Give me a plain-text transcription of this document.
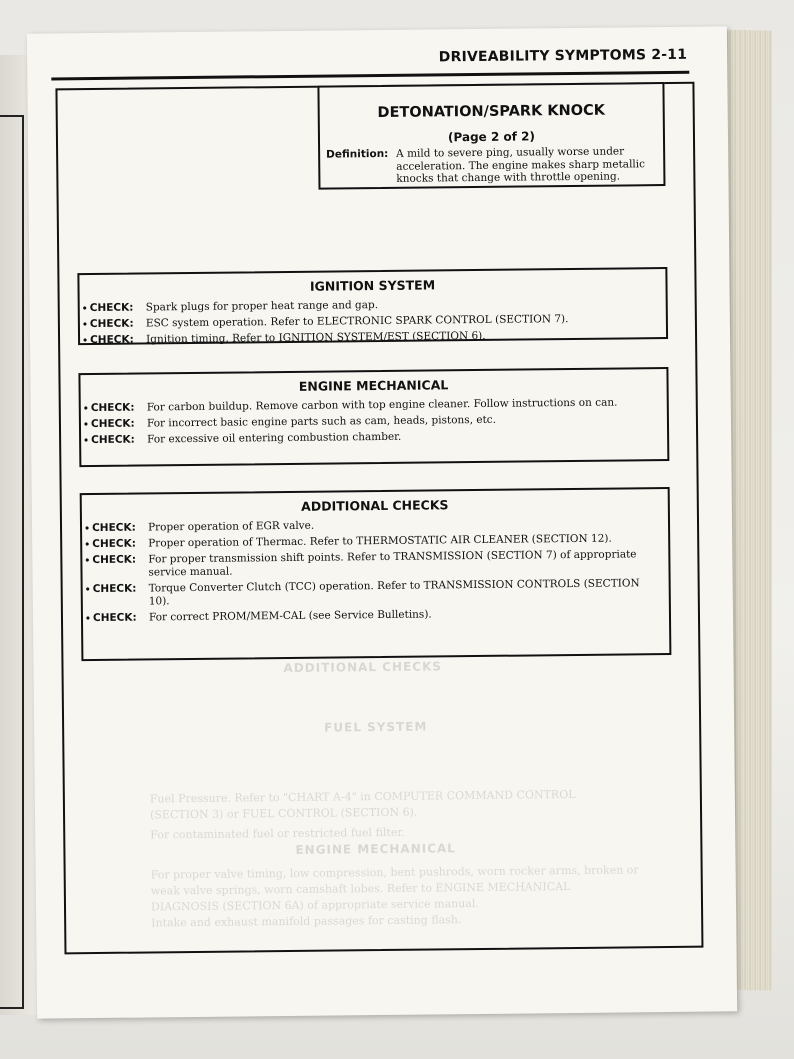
DRIVEABILITY SYMPTOMS 2-11
FUEL SYSTEM
Fuel Pressure. Refer to "CHART A-4" in COMPUTER COMMAND CONTROL
(SECTION 3) or FUEL CONTROL (SECTION 6).
For contaminated fuel or restricted fuel filter.
ENGINE MECHANICAL
For proper valve timing, low compression, bent pushrods, worn rocker arms, broken or
weak valve springs, worn camshaft lobes. Refer to ENGINE MECHANICAL
DIAGNOSIS (SECTION 6A) of appropriate service manual.
Intake and exhaust manifold passages for casting flash.
ADDITIONAL CHECKS
DETONATION/SPARK KNOCK
(Page 2 of 2)
Definition: A mild to severe ping, usually worse under acceleration. The engine makes sharp metallic knocks that change with throttle opening.
IGNITION SYSTEM
• CHECK:	Spark plugs for proper heat range and gap.
• CHECK:	ESC system operation. Refer to ELECTRONIC SPARK CONTROL (SECTION 7).
• CHECK:	Ignition timing. Refer to IGNITION SYSTEM/EST (SECTION 6).
ENGINE MECHANICAL
• CHECK:	For carbon buildup. Remove carbon with top engine cleaner. Follow instructions on can.
• CHECK:	For incorrect basic engine parts such as cam, heads, pistons, etc.
• CHECK:	For excessive oil entering combustion chamber.
ADDITIONAL CHECKS
• CHECK:	Proper operation of EGR valve.
• CHECK:	Proper operation of Thermac. Refer to THERMOSTATIC AIR CLEANER (SECTION 12).
• CHECK:	For proper transmission shift points. Refer to TRANSMISSION (SECTION 7) of appropriate service manual.
• CHECK:	Torque Converter Clutch (TCC) operation. Refer to TRANSMISSION CONTROLS (SECTION 10).
• CHECK:	For correct PROM/MEM-CAL (see Service Bulletins).
